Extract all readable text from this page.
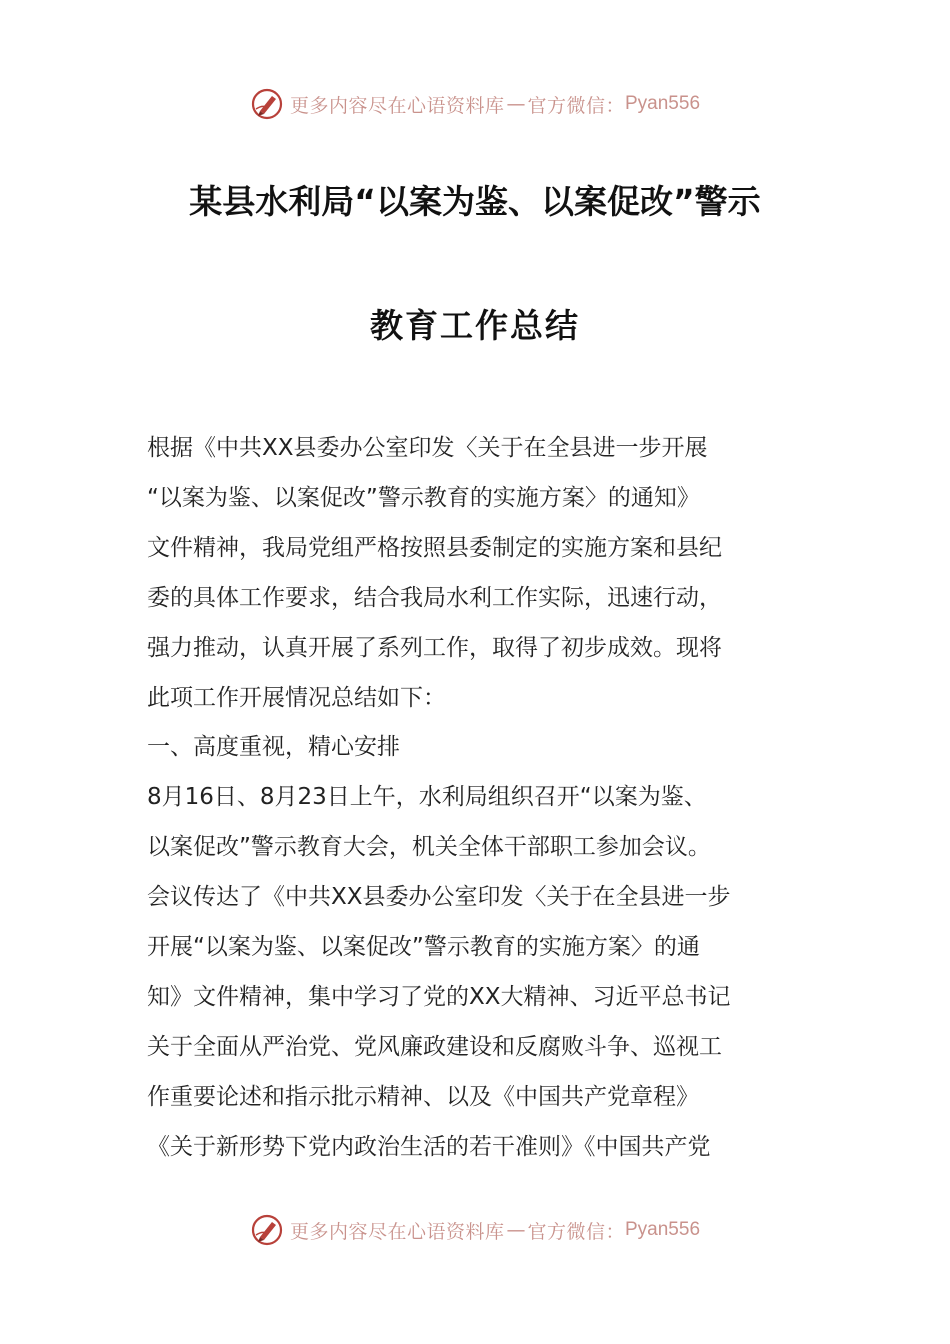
更多内容尽在心语资料库 — 官方微信： Pyan556
某县水利局“以案为鉴、以案促改”警示
教育工作总结
根据《中共XX县委办公室印发〈关于在全县进一步开展
“以案为鉴、以案促改”警示教育的实施方案〉的通知》
文件精神，我局党组严格按照县委制定的实施方案和县纪
委的具体工作要求，结合我局水利工作实际，迅速行动，
强力推动，认真开展了系列工作，取得了初步成效。现将
此项工作开展情况总结如下：
一、高度重视，精心安排
8月16日、8月23日上午，水利局组织召开“以案为鉴、
以案促改”警示教育大会，机关全体干部职工参加会议。
会议传达了《中共XX县委办公室印发〈关于在全县进一步
开展“以案为鉴、以案促改”警示教育的实施方案〉的通
知》文件精神，集中学习了党的XX大精神、习近平总书记
关于全面从严治党、党风廉政建设和反腐败斗争、巡视工
作重要论述和指示批示精神、以及《中国共产党章程》
《关于新形势下党内政治生活的若干准则》《中国共产党
更多内容尽在心语资料库 — 官方微信： Pyan556
